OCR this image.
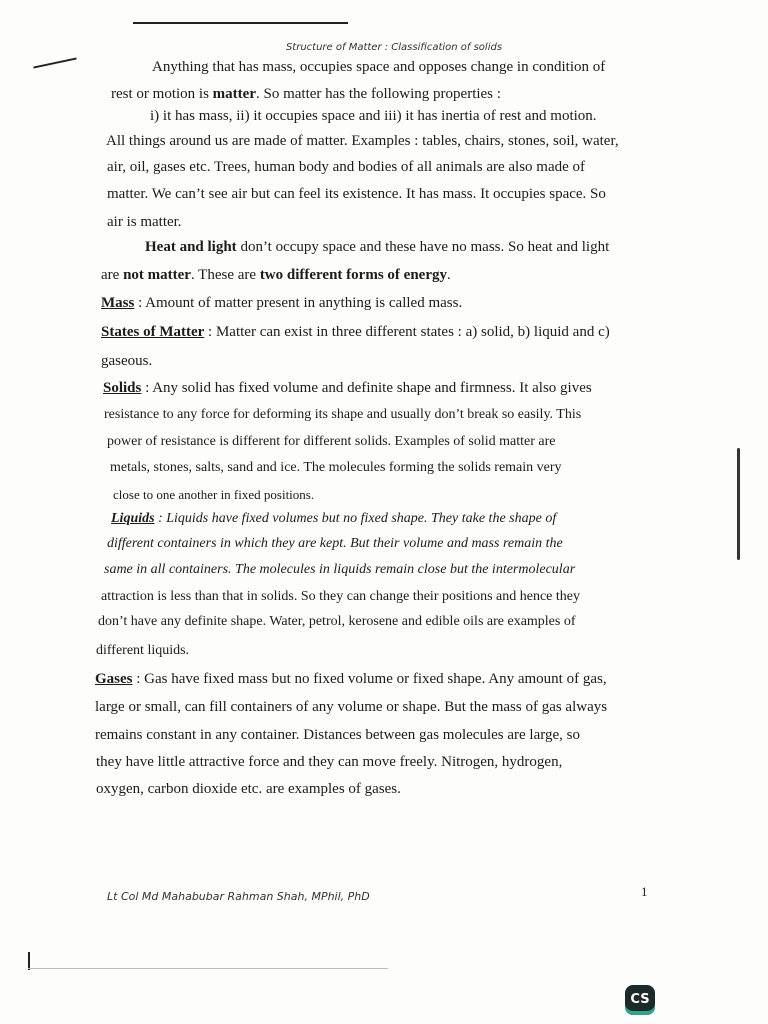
Structure of Matter : Classification of solids
Anything that has mass, occupies space and opposes change in condition of
rest or motion is matter. So matter has the following properties :
i) it has mass, ii) it occupies space and iii) it has inertia of rest and motion.
All things around us are made of matter. Examples : tables, chairs, stones, soil, water,
air, oil, gases etc. Trees, human body and bodies of all animals are also made of
matter. We can’t see air but can feel its existence. It has mass. It occupies space. So
air is matter.
Heat and light don’t occupy space and these have no mass. So heat and light
are not matter. These are two different forms of energy.
Mass : Amount of matter present in anything is called mass.
States of Matter : Matter can exist in three different states : a) solid, b) liquid and c)
gaseous.
Solids : Any solid has fixed volume and definite shape and firmness. It also gives
resistance to any force for deforming its shape and usually don’t break so easily. This
power of resistance is different for different solids. Examples of solid matter are
metals, stones, salts, sand and ice. The molecules forming the solids remain very
close to one another in fixed positions.
Liquids : Liquids have fixed volumes but no fixed shape. They take the shape of
different containers in which they are kept. But their volume and mass remain the
same in all containers. The molecules in liquids remain close but the intermolecular
attraction is less than that in solids. So they can change their positions and hence they
don’t have any definite shape. Water, petrol, kerosene and edible oils are examples of
different liquids.
Gases : Gas have fixed mass but no fixed volume or fixed shape. Any amount of gas,
large or small, can fill containers of any volume or shape. But the mass of gas always
remains constant in any container. Distances between gas molecules are large, so
they have little attractive force and they can move freely. Nitrogen, hydrogen,
oxygen, carbon dioxide etc. are examples of gases.
Lt Col Md Mahabubar Rahman Shah, MPhil, PhD	1
CS
